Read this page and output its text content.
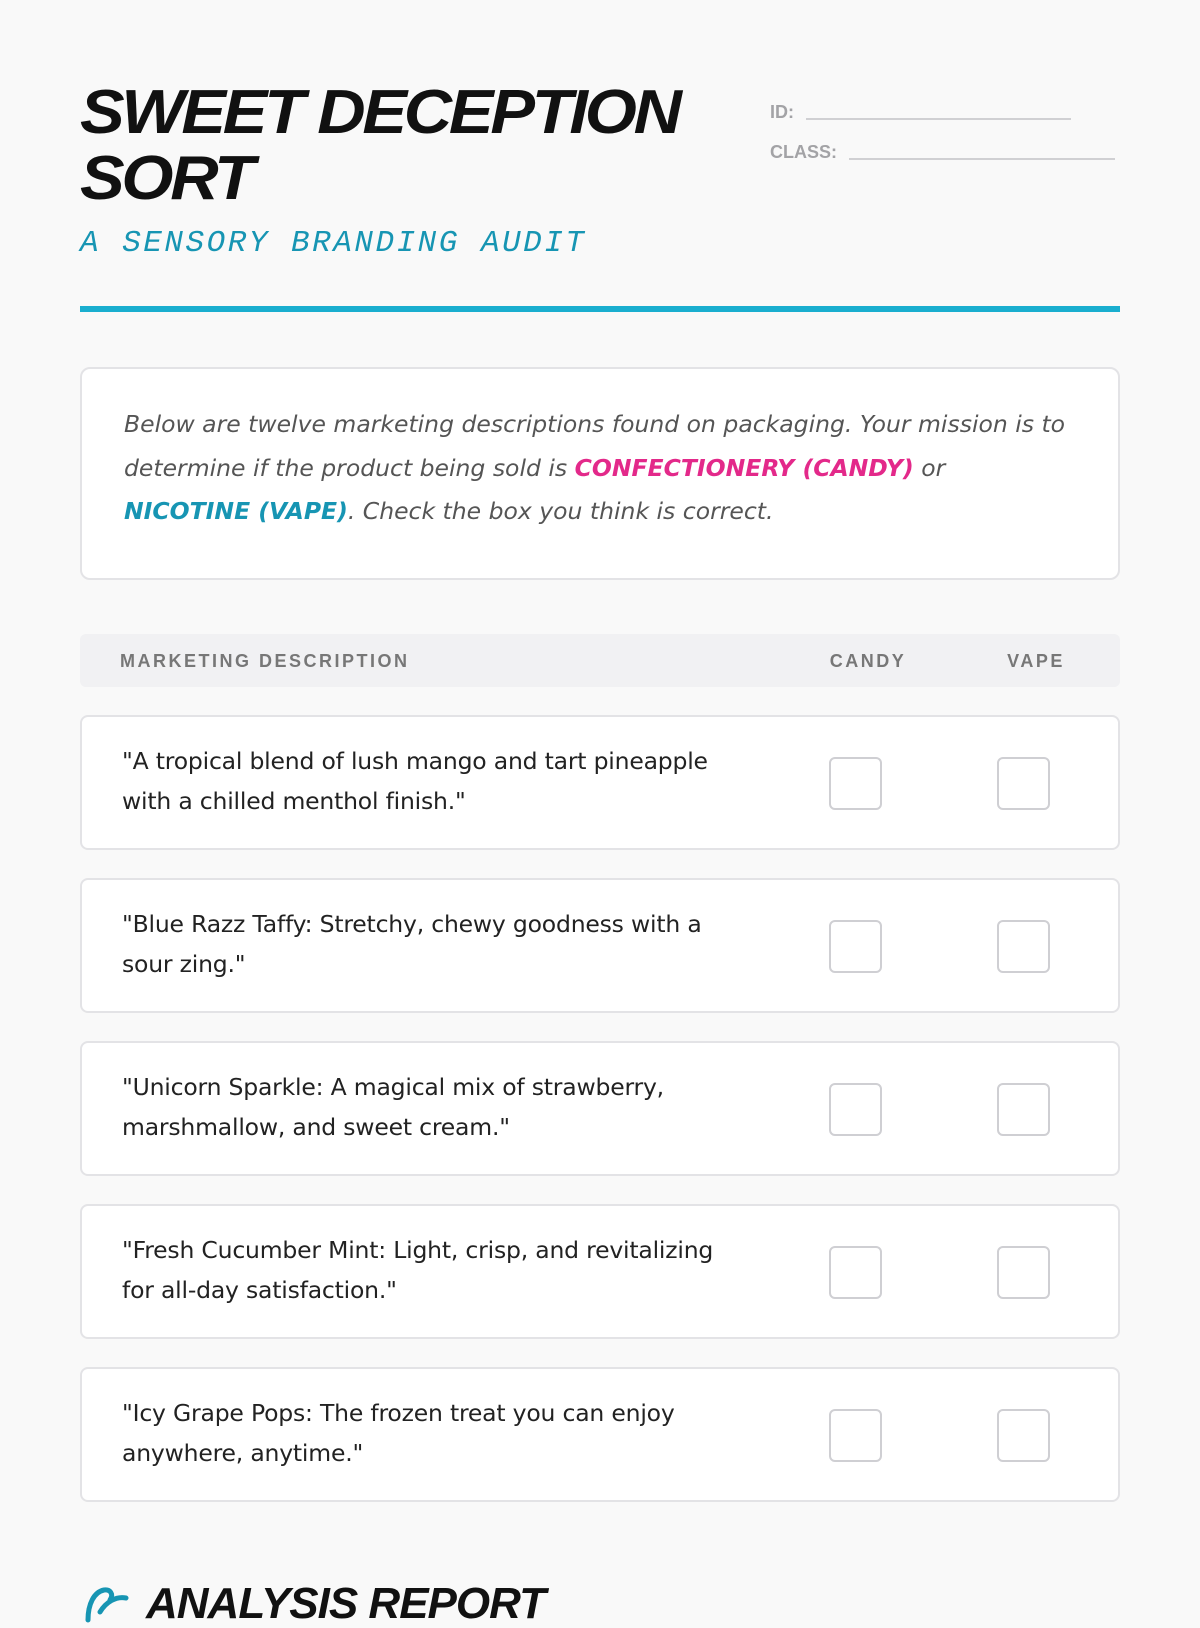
SWEET DECEPTION SORT
A SENSORY BRANDING AUDIT
ID:
CLASS:
Below are twelve marketing descriptions found on packaging. Your mission is to determine if the product being sold is CONFECTIONERY (CANDY) or NICOTINE (VAPE). Check the box you think is correct.
MARKETING DESCRIPTION	CANDY	VAPE
"A tropical blend of lush mango and tart pineapple with a chilled menthol finish."
"Blue Razz Taffy: Stretchy, chewy goodness with a sour zing."
"Unicorn Sparkle: A magical mix of strawberry, marshmallow, and sweet cream."
"Fresh Cucumber Mint: Light, crisp, and revitalizing for all-day satisfaction."
"Icy Grape Pops: The frozen treat you can enjoy anywhere, anytime."
ANALYSIS REPORT
